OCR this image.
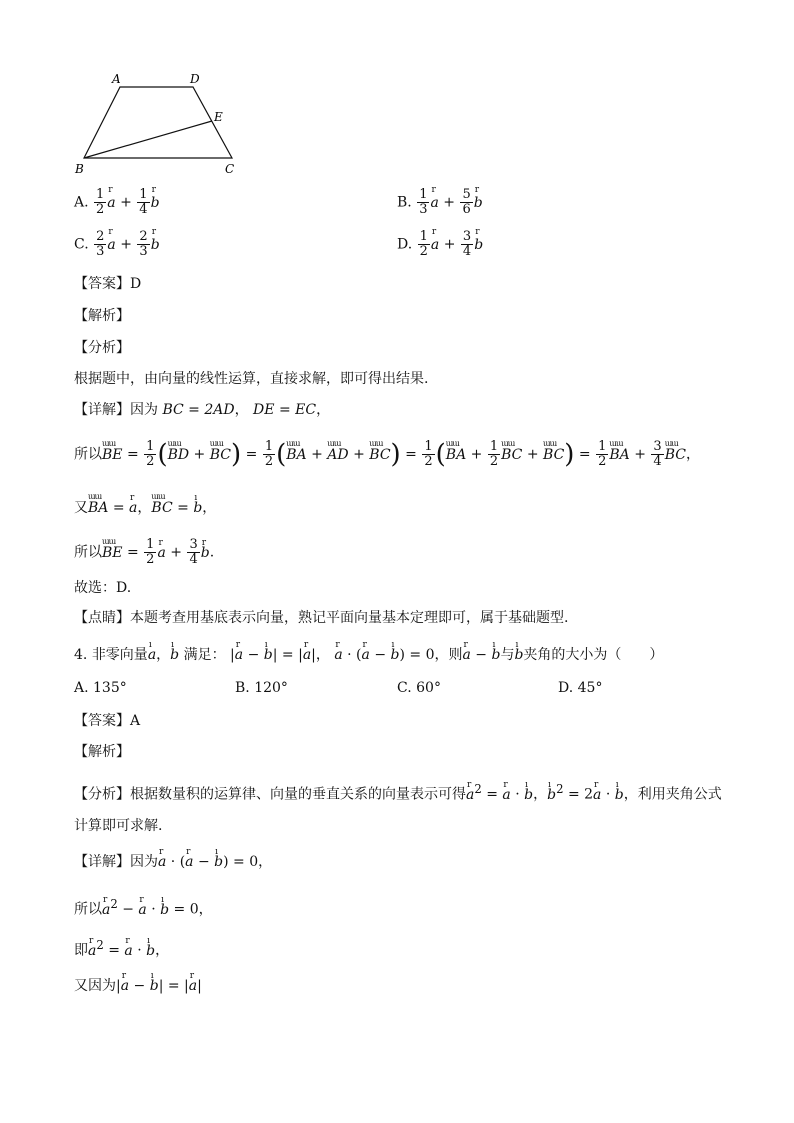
A	D
E
B	C
A. $\frac{1}{2}$ r $a + \frac{1}{4}$ r b	B. $\frac{1}{3}$ r $a + \frac{5}{6}$ r b
C. $\frac{2}{3}$ r $a + \frac{2}{3}$ r b	D. $\frac{1}{2}$ r $a + \frac{3}{4}$ r b
【答案】D
【解析】
【分析】
根据题中，由向量的线性运算，直接求解，即可得出结果.
【详解】因为 BC = 2AD， DE = EC，
所以ɯɯ BE = $\frac{1}{2}$ (ɯɯ BD + ɯɯ $BC) = \frac{1}{2}$ (ɯɯ BA + ɯɯ AD + ɯɯ $BC) = \frac{1}{2}$ (ɯɯ BA + $\frac{1}{2}$ ɯɯ BC + ɯɯ $BC) = \frac{1}{2}$ ɯɯ BA + $\frac{3}{4}$ ɯɯ BC，
又ɯɯ BA = r a，ɯɯ BC = ı b，
所以ɯɯ BE = $\frac{1}{2}$ r $a + \frac{3}{4}$ r b.
故选：D.
【点睛】本题考查用基底表示向量，熟记平面向量基本定理即可，属于基础题型.
4. 非零向量ı a，ı b 满足： |r a − ı b| = |r a|， r a · (r a − ı b) = 0，则r a − ı b与ı b夹角的大小为（　　）
A. 135°	B. 120°	C. 60°	D. 45°
【答案】A
【解析】
【分析】根据数量积的运算律、向量的垂直关系的向量表示可得r $a^2 = r$ a · ı b，ı $b^2 = 2r$ a · ı b，利用夹角公式
计算即可求解.
【详解】因为r a · (r a − ı b) = 0，
所以r $a^2 - r$ a · ı b = 0，
即r $a^2 = r$ a · ı b，
又因为|r a − ı b| = |r a|
